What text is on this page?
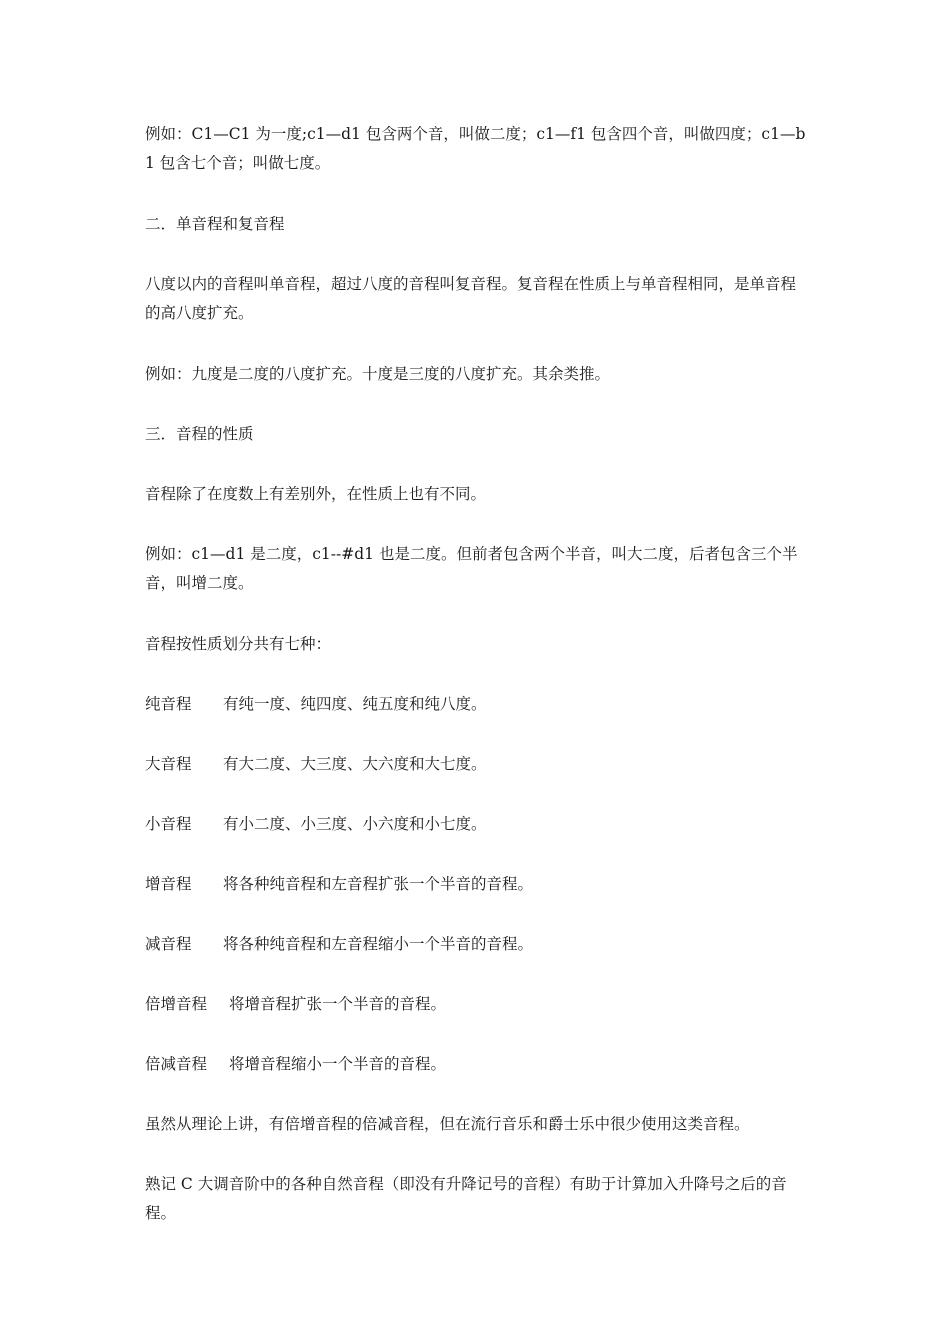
例如：C1—C1 为一度;c1—d1 包含两个音，叫做二度；c1—f1 包含四个音，叫做四度；c1—b1 包含七个音；叫做七度。

二．单音程和复音程

八度以内的音程叫单音程，超过八度的音程叫复音程。复音程在性质上与单音程相同，是单音程的高八度扩充。

例如：九度是二度的八度扩充。十度是三度的八度扩充。其余类推。

三．音程的性质

音程除了在度数上有差别外，在性质上也有不同。

例如：c1—d1 是二度，c1--#d1 也是二度。但前者包含两个半音，叫大二度，后者包含三个半音，叫增二度。

音程按性质划分共有七种：

纯音程 有纯一度、纯四度、纯五度和纯八度。

大音程 有大二度、大三度、大六度和大七度。

小音程 有小二度、小三度、小六度和小七度。

增音程 将各种纯音程和左音程扩张一个半音的音程。

减音程 将各种纯音程和左音程缩小一个半音的音程。

倍增音程 将增音程扩张一个半音的音程。

倍减音程 将增音程缩小一个半音的音程。

虽然从理论上讲，有倍增音程的倍减音程，但在流行音乐和爵士乐中很少使用这类音程。

熟记 C 大调音阶中的各种自然音程（即没有升降记号的音程）有助于计算加入升降号之后的音程。
